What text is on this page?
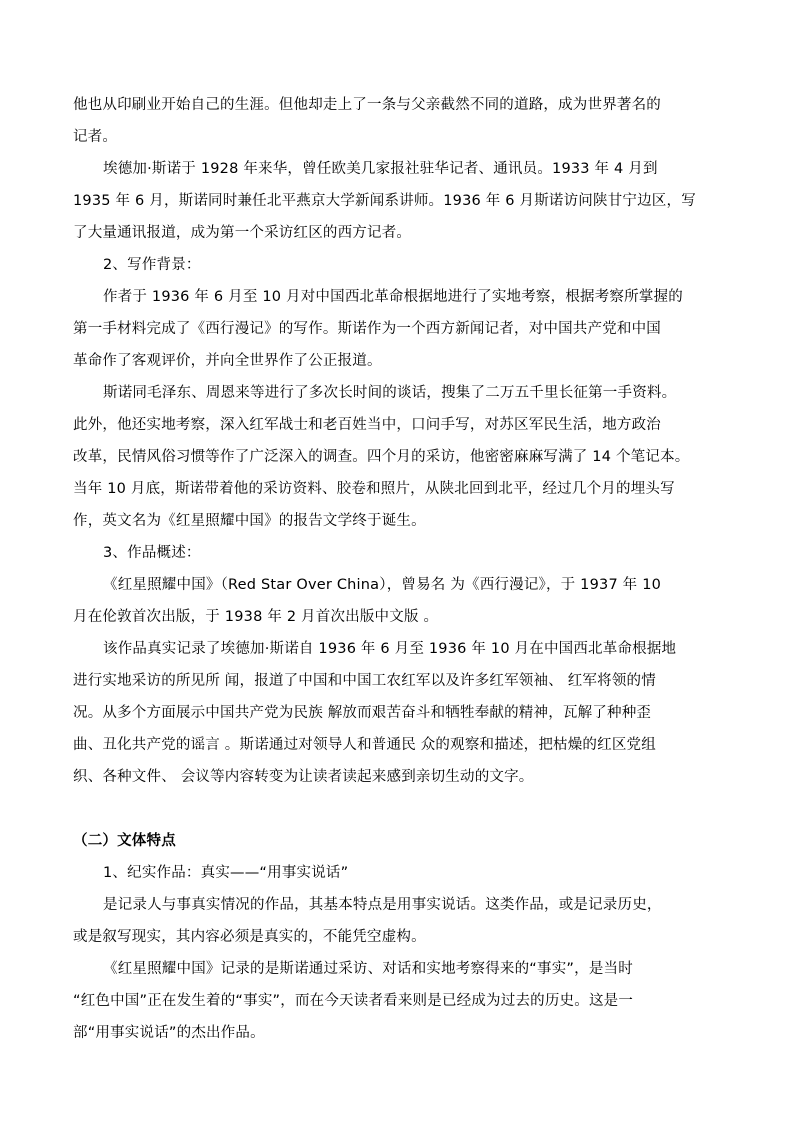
他也从印刷业开始自己的生涯。但他却走上了一条与父亲截然不同的道路，成为世界著名的
记者。
埃德加·斯诺于 1928 年来华，曾任欧美几家报社驻华记者、通讯员。1933 年 4 月到
1935 年 6 月，斯诺同时兼任北平燕京大学新闻系讲师。1936 年 6 月斯诺访问陕甘宁边区，写
了大量通讯报道，成为第一个采访红区的西方记者。
2、写作背景：
作者于 1936 年 6 月至 10 月对中国西北革命根据地进行了实地考察，根据考察所掌握的
第一手材料完成了《西行漫记》的写作。斯诺作为一个西方新闻记者，对中国共产党和中国
革命作了客观评价，并向全世界作了公正报道。
斯诺同毛泽东、周恩来等进行了多次长时间的谈话，搜集了二万五千里长征第一手资料。
此外，他还实地考察，深入红军战士和老百姓当中，口问手写，对苏区军民生活，地方政治
改革，民情风俗习惯等作了广泛深入的调查。四个月的采访，他密密麻麻写满了 14 个笔记本。
当年 10 月底，斯诺带着他的采访资料、胶卷和照片，从陕北回到北平，经过几个月的埋头写
作，英文名为《红星照耀中国》的报告文学终于诞生。
3、作品概述：
《红星照耀中国》（Red Star Over China），曾易名 为《西行漫记》，于 1937 年 10
月在伦敦首次出版，于 1938 年 2 月首次出版中文版 。
该作品真实记录了埃德加·斯诺自 1936 年 6 月至 1936 年 10 月在中国西北革命根据地
进行实地采访的所见所 闻，报道了中国和中国工农红军以及许多红军领袖、 红军将领的情
况。从多个方面展示中国共产党为民族 解放而艰苦奋斗和牺牲奉献的精神，瓦解了种种歪
曲、丑化共产党的谣言 。斯诺通过对领导人和普通民 众的观察和描述，把枯燥的红区党组
织、各种文件、 会议等内容转变为让读者读起来感到亲切生动的文字。
（二）文体特点
1、纪实作品：真实——“用事实说话”
是记录人与事真实情况的作品，其基本特点是用事实说话。这类作品，或是记录历史，
或是叙写现实，其内容必须是真实的，不能凭空虚构。
《红星照耀中国》记录的是斯诺通过采访、对话和实地考察得来的“事实”，是当时
“红色中国”正在发生着的“事实”，而在今天读者看来则是已经成为过去的历史。这是一
部“用事实说话”的杰出作品。
